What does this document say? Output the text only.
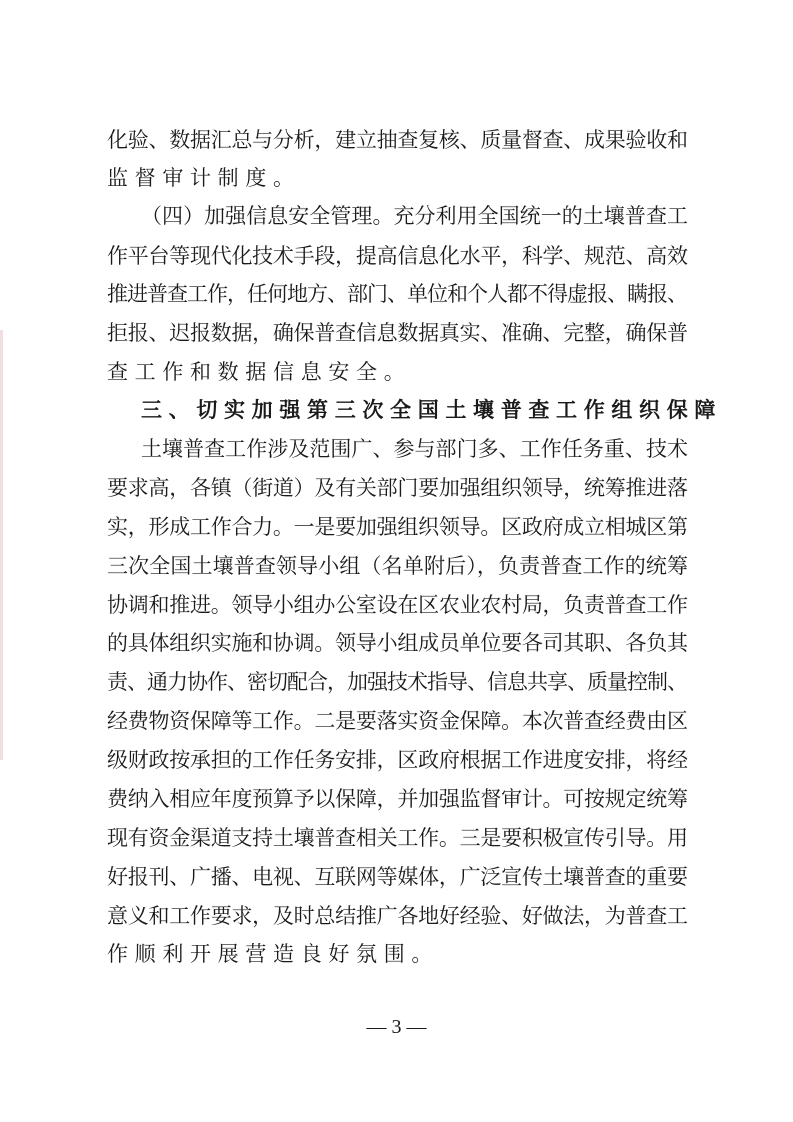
化验、数据汇总与分析，建立抽查复核、质量督查、成果验收和
监督审计制度。
（四）加强信息安全管理。充分利用全国统一的土壤普查工
作平台等现代化技术手段，提高信息化水平，科学、规范、高效
推进普查工作，任何地方、部门、单位和个人都不得虚报、瞒报、
拒报、迟报数据，确保普查信息数据真实、准确、完整，确保普
查工作和数据信息安全。
三、切实加强第三次全国土壤普查工作组织保障
土壤普查工作涉及范围广、参与部门多、工作任务重、技术
要求高，各镇（街道）及有关部门要加强组织领导，统筹推进落
实，形成工作合力。一是要加强组织领导。区政府成立相城区第
三次全国土壤普查领导小组（名单附后），负责普查工作的统筹
协调和推进。领导小组办公室设在区农业农村局，负责普查工作
的具体组织实施和协调。领导小组成员单位要各司其职、各负其
责、通力协作、密切配合，加强技术指导、信息共享、质量控制、
经费物资保障等工作。二是要落实资金保障。本次普查经费由区
级财政按承担的工作任务安排，区政府根据工作进度安排，将经
费纳入相应年度预算予以保障，并加强监督审计。可按规定统筹
现有资金渠道支持土壤普查相关工作。三是要积极宣传引导。用
好报刊、广播、电视、互联网等媒体，广泛宣传土壤普查的重要
意义和工作要求，及时总结推广各地好经验、好做法，为普查工
作顺利开展营造良好氛围。
— 3 —
